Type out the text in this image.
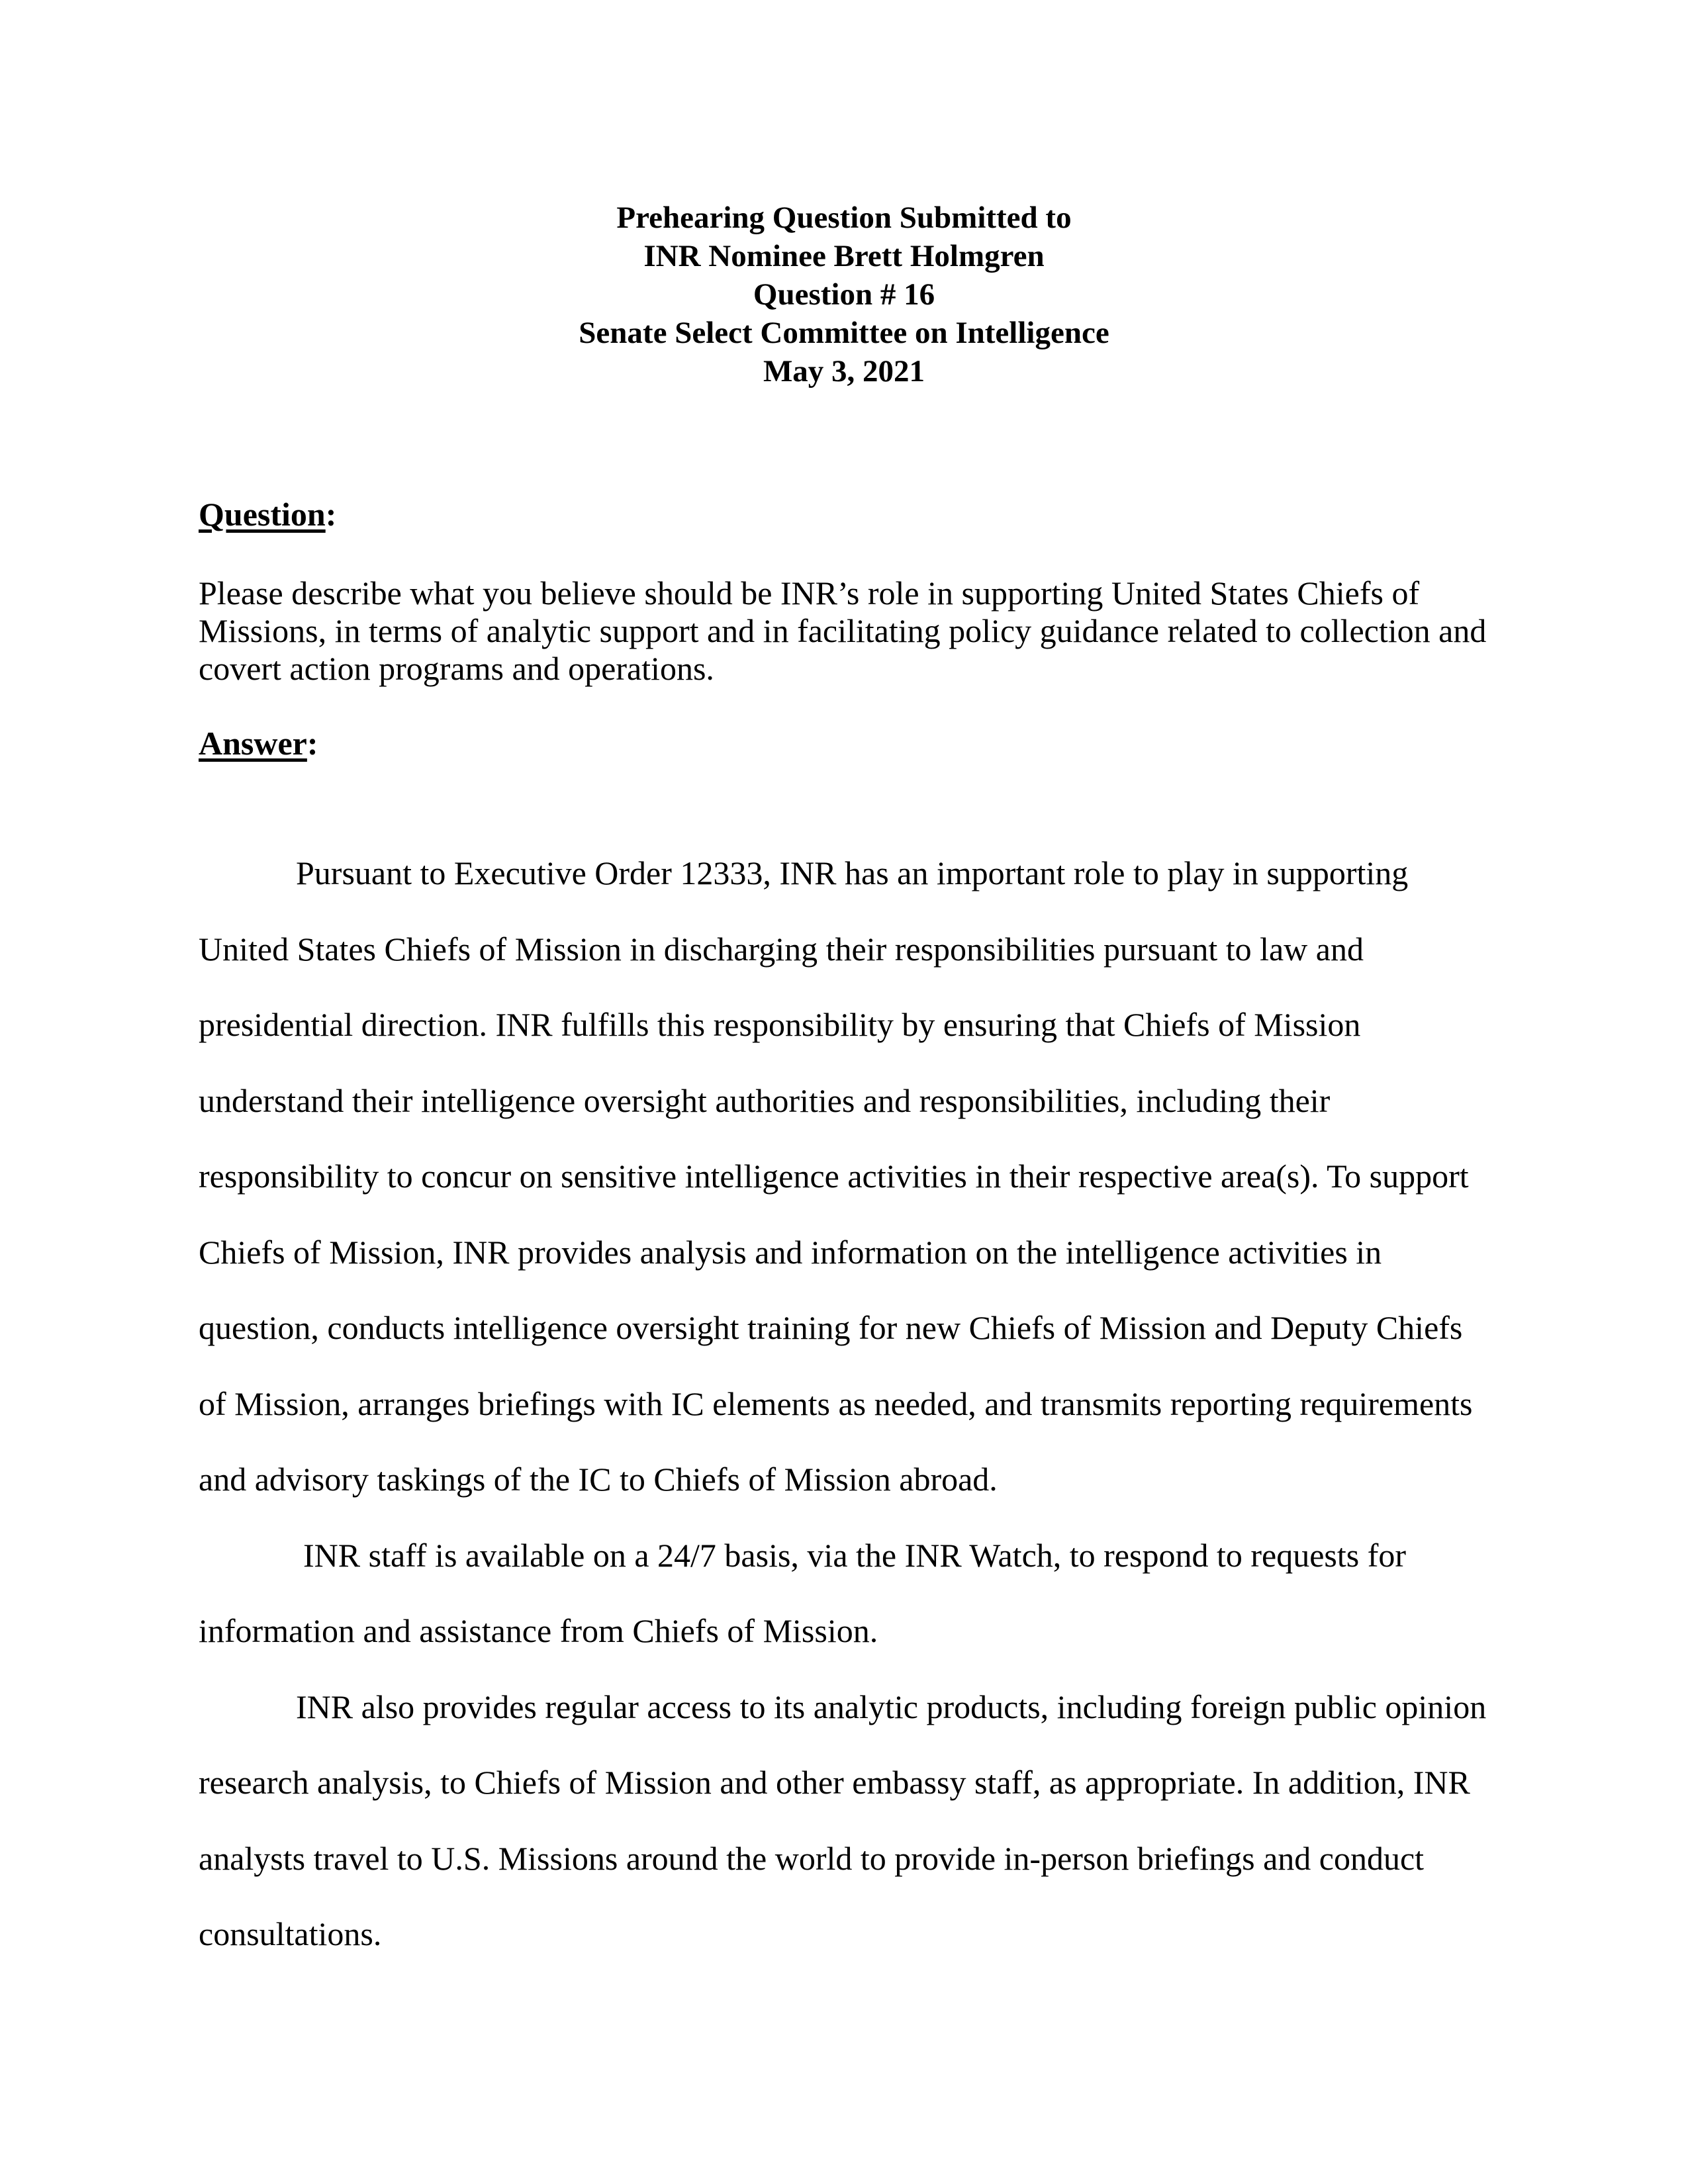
Prehearing Question Submitted to
INR Nominee Brett Holmgren
Question # 16
Senate Select Committee on Intelligence
May 3, 2021
Question:
Please describe what you believe should be INR’s role in supporting United States Chiefs of
Missions, in terms of analytic support and in facilitating policy guidance related to collection and
covert action programs and operations.
Answer:
Pursuant to Executive Order 12333, INR has an important role to play in supporting
United States Chiefs of Mission in discharging their responsibilities pursuant to law and
presidential direction. INR fulfills this responsibility by ensuring that Chiefs of Mission
understand their intelligence oversight authorities and responsibilities, including their
responsibility to concur on sensitive intelligence activities in their respective area(s). To support
Chiefs of Mission, INR provides analysis and information on the intelligence activities in
question, conducts intelligence oversight training for new Chiefs of Mission and Deputy Chiefs
of Mission, arranges briefings with IC elements as needed, and transmits reporting requirements
and advisory taskings of the IC to Chiefs of Mission abroad.
INR staff is available on a 24/7 basis, via the INR Watch, to respond to requests for
information and assistance from Chiefs of Mission.
INR also provides regular access to its analytic products, including foreign public opinion
research analysis, to Chiefs of Mission and other embassy staff, as appropriate. In addition, INR
analysts travel to U.S. Missions around the world to provide in-person briefings and conduct
consultations.
